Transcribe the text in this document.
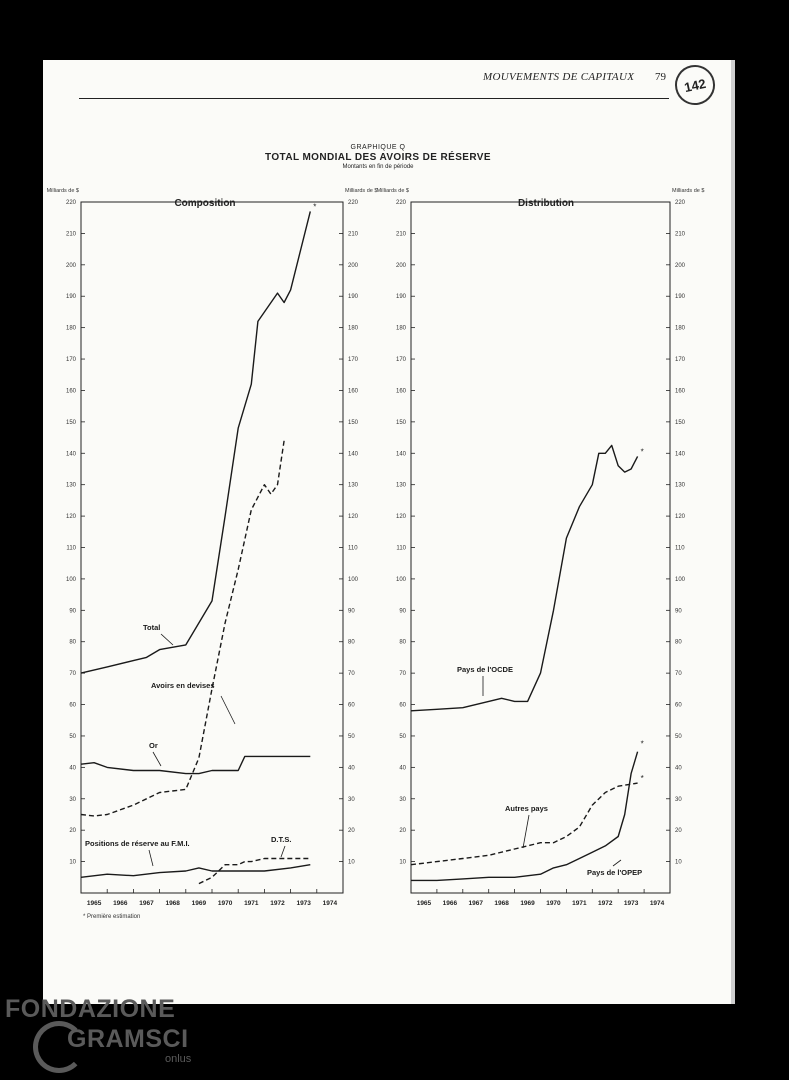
MOUVEMENTS DE CAPITAUX 79	142
GRAPHIQUE Q
TOTAL MONDIAL DES AVOIRS DE RÉSERVE
Montants en fin de période
Composition
Milliards de $	Milliards de $
10	10
20	20
30	30
40	40
50	50
60	60
70	70
80	80
90	90
100	100
110	110
120	120
130	130
140	140
150	150
160	160
170	170
180	180
190	190
200	200
210	210
220	220
1965 1966 1967 1968 1969 1970 1971 1972 1973 1974
Total
Avoirs en devises
Or
Positions de réserve au F.M.I.	D.T.S.
*	Distribution
Milliards de $	Milliards de $
10	10
20	20
30	30
40	40
50	50
60	60
70	70
80	80
90	90
100	100
110	110
120	120
130	130
140	140
150	150
160	160
170	170
180	180
190	190
200	200
210	210
220	220
1965 1966 1967 1968 1969 1970 1971 1972 1973 1974
Pays de l'OCDE
Autres pays
Pays de l'OPEP
*
*
*
* Première estimation
FONDAZIONE
GRAMSCI
onlus
